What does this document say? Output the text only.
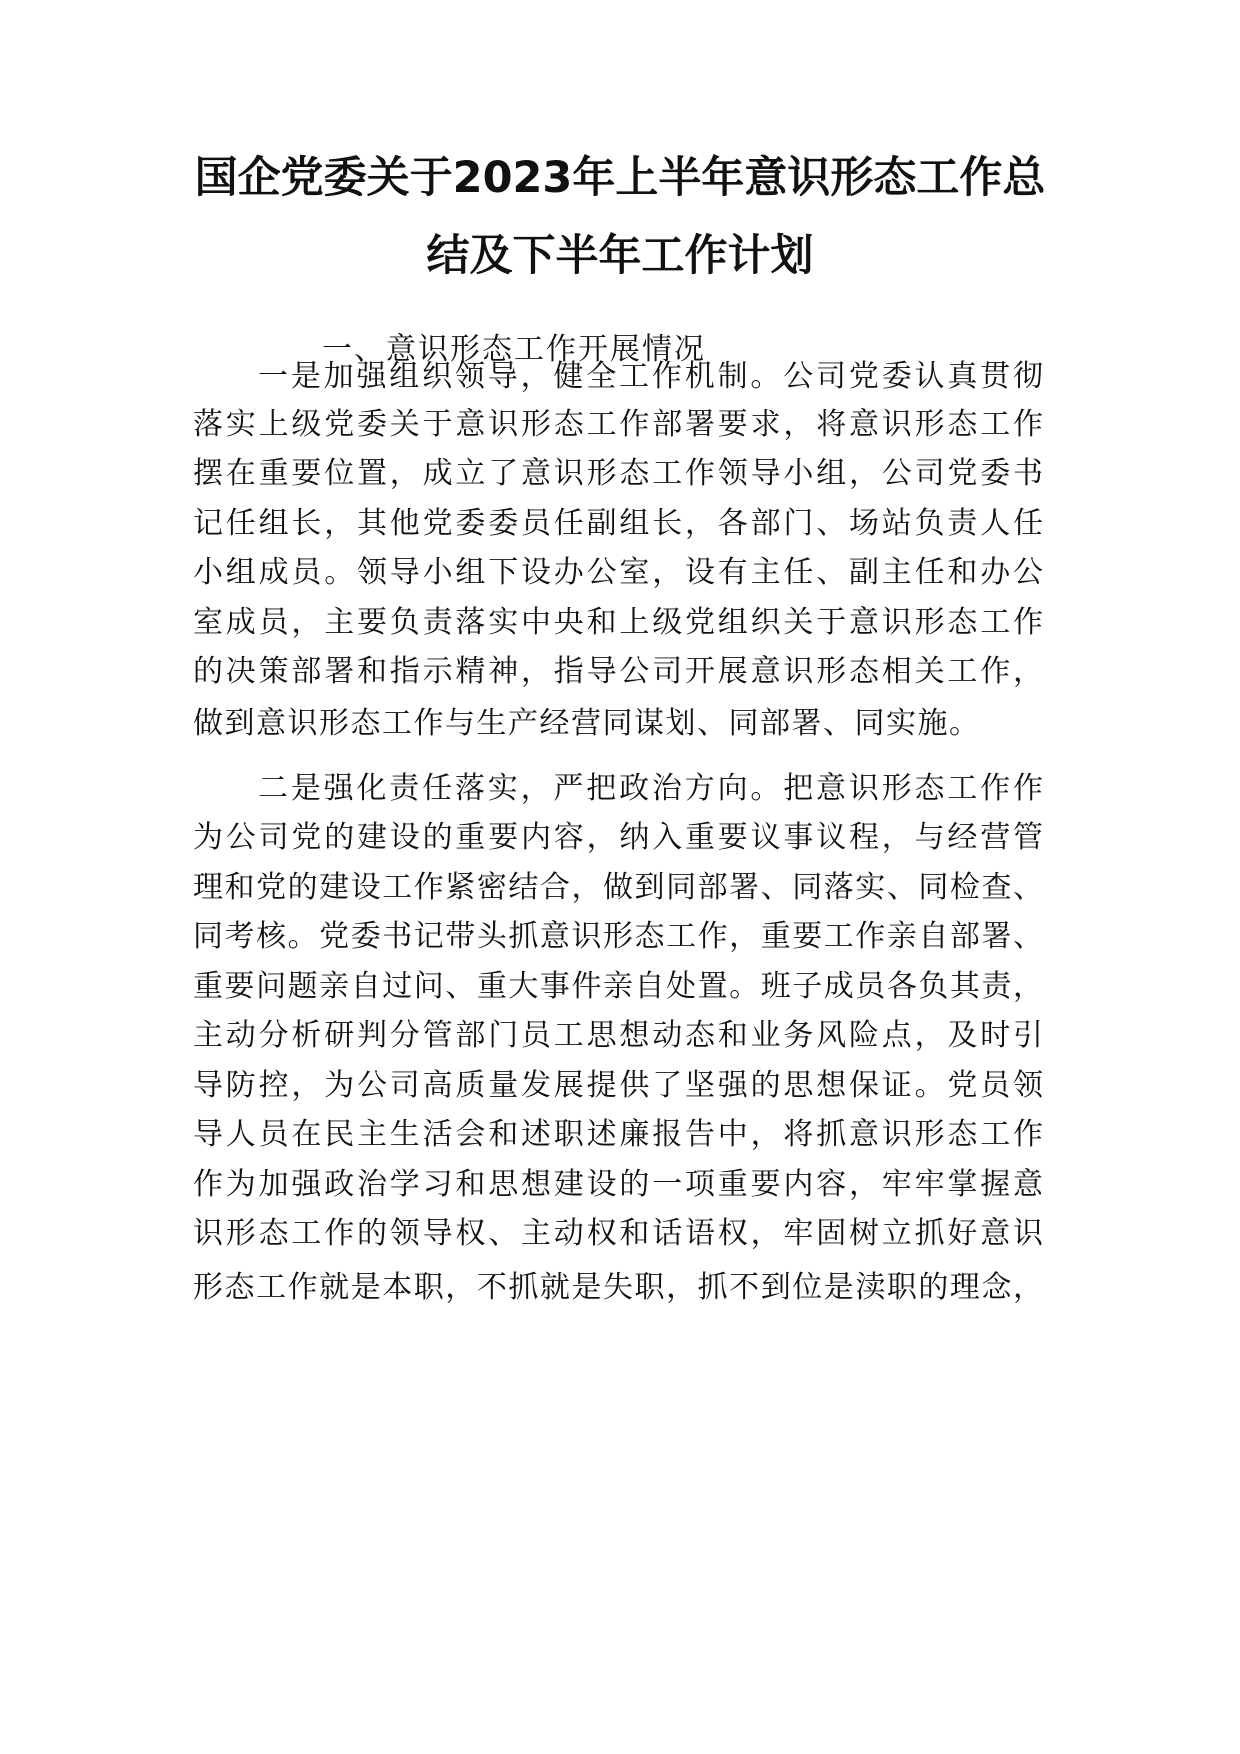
国企党委关于2023年上半年意识形态工作总
结及下半年工作计划
一、意识形态工作开展情况
一是加强组织领导，健全工作机制。公司党委认真贯彻
落实上级党委关于意识形态工作部署要求，将意识形态工作
摆在重要位置，成立了意识形态工作领导小组，公司党委书
记任组长，其他党委委员任副组长，各部门、场站负责人任
小组成员。领导小组下设办公室，设有主任、副主任和办公
室成员，主要负责落实中央和上级党组织关于意识形态工作
的决策部署和指示精神，指导公司开展意识形态相关工作，
做到意识形态工作与生产经营同谋划、同部署、同实施。
二是强化责任落实，严把政治方向。把意识形态工作作
为公司党的建设的重要内容，纳入重要议事议程，与经营管
理和党的建设工作紧密结合，做到同部署、同落实、同检查、
同考核。党委书记带头抓意识形态工作，重要工作亲自部署、
重要问题亲自过问、重大事件亲自处置。班子成员各负其责，
主动分析研判分管部门员工思想动态和业务风险点，及时引
导防控，为公司高质量发展提供了坚强的思想保证。党员领
导人员在民主生活会和述职述廉报告中，将抓意识形态工作
作为加强政治学习和思想建设的一项重要内容，牢牢掌握意
识形态工作的领导权、主动权和话语权，牢固树立抓好意识
形态工作就是本职，不抓就是失职，抓不到位是渎职的理念，
